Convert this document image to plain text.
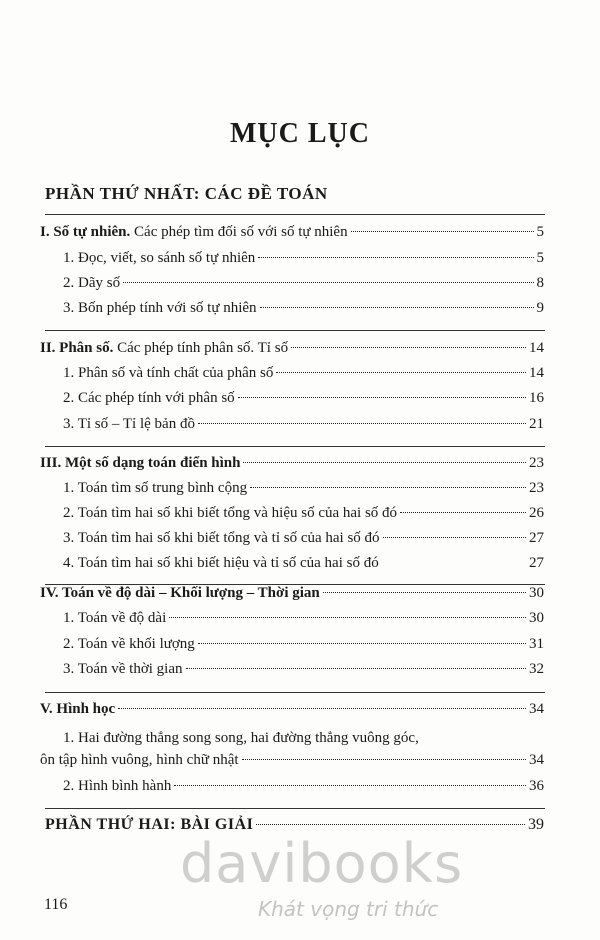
MỤC LỤC
PHẦN THỨ NHẤT: CÁC ĐỀ TOÁN
I. Số tự nhiên. Các phép tìm đối số với số tự nhiên	5
1. Đọc, viết, so sánh số tự nhiên	5
2. Dãy số	8
3. Bốn phép tính với số tự nhiên	9
II. Phân số. Các phép tính phân số. Tỉ số	14
1. Phân số và tính chất của phân số	14
2. Các phép tính với phân số	16
3. Tỉ số – Tỉ lệ bản đồ	21
III. Một số dạng toán điển hình	23
1. Toán tìm số trung bình cộng	23
2. Toán tìm hai số khi biết tổng và hiệu số của hai số đó	26
3. Toán tìm hai số khi biết tổng và tỉ số của hai số đó	27
4. Toán tìm hai số khi biết hiệu và tỉ số của hai số đó	27
IV. Toán về độ dài – Khối lượng – Thời gian	30
1. Toán về độ dài	30
2. Toán về khối lượng	31
3. Toán về thời gian	32
V. Hình học	34
1. Hai đường thẳng song song, hai đường thẳng vuông góc,
ôn tập hình vuông, hình chữ nhật	34
2. Hình bình hành	36
PHẦN THỨ HAI: BÀI GIẢI	39
davibooks
Khát vọng tri thức
116
